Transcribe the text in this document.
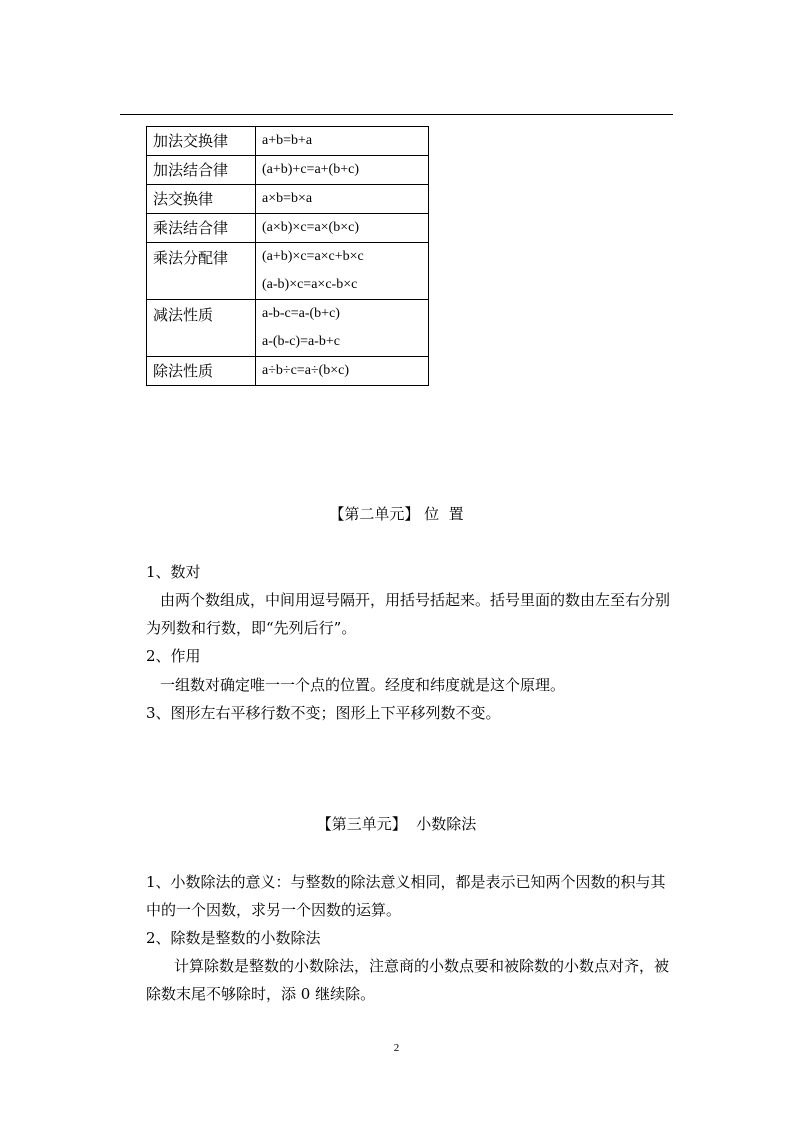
加法交换律	a+b=b+a

加法结合律	(a+b)+c=a+(b+c)

法交换律	a×b=b×a

乘法结合律	(a×b)×c=a×(b×c)

乘法分配律	(a+b)×c=a×c+b×c
(a-b)×c=a×c-b×c

减法性质	a-b-c=a-(b+c)
a-(b-c)=a-b+c

除法性质	a÷b÷c=a÷(b×c)
【第二单元】 位  置
1、数对
由两个数组成，中间用逗号隔开，用括号括起来。括号里面的数由左至右分别
为列数和行数，即“先列后行”。
2、作用
一组数对确定唯一一个点的位置。经度和纬度就是这个原理。
3、图形左右平移行数不变；图形上下平移列数不变。
【第三单元】  小数除法
1、小数除法的意义：与整数的除法意义相同，都是表示已知两个因数的积与其
中的一个因数，求另一个因数的运算。
2、除数是整数的小数除法
计算除数是整数的小数除法，注意商的小数点要和被除数的小数点对齐，被
除数末尾不够除时，添 0 继续除。
2
